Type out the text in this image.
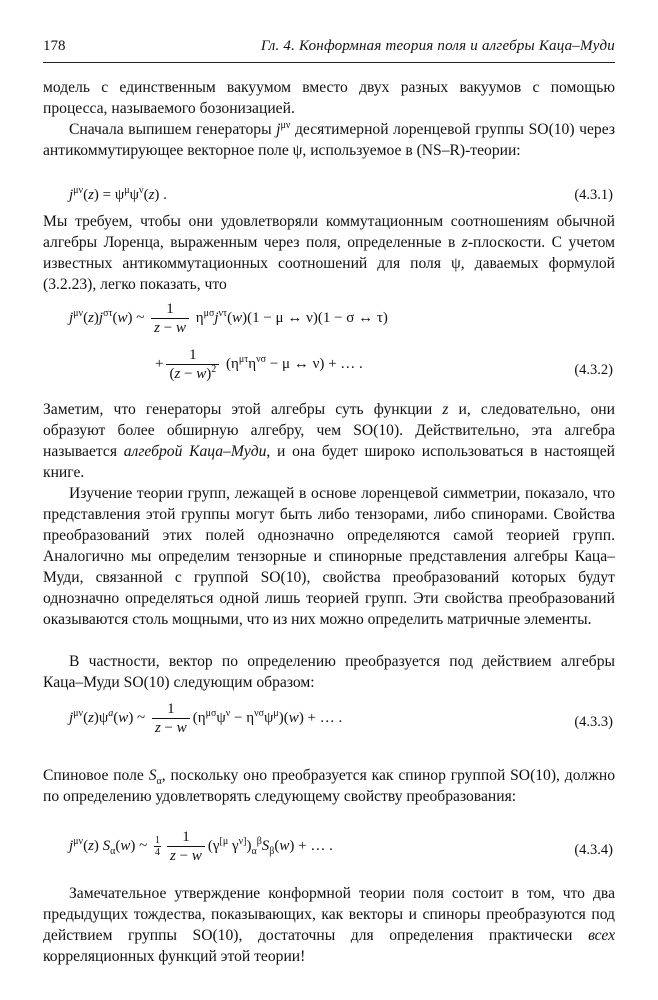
178	Гл. 4. Конформная теория поля и алгебры Каца–Муди

модель с единственным вакуумом вместо двух разных вакуумов с помощью процесса, называемого бозонизацией.

Сначала выпишем генераторы $j^{\mu\nu}$ десятимерной лоренцевой группы SO(10) через антикоммутирующее векторное поле ψ, используемое в (NS–R)-теории:

$j^{\mu\nu}(z) = \psi^\mu\psi^\nu(z)$ .	(4.3.1)

Мы требуем, чтобы они удовлетворяли коммутационным соотношениям обычной алгебры Лоренца, выраженным через поля, определенные в z-плоскости. С учетом известных антикоммутационных соотношений для поля ψ, даваемых формулой (3.2.23), легко показать, что

$j^{\mu\nu}(z)j^{\sigma\tau}(w)$ ~ $\frac{1}{z - w} \eta^{\mu\sigma}j^{\nu\tau}(w)(1 - \mu$ ↔ ν)(1 − σ ↔ τ)
+ $\frac{1}{(z - w)^2} (\eta^{\mu\tau}\eta^{\nu\sigma} - \mu$ ↔ ν) + … .	(4.3.2)

Заметим, что генераторы этой алгебры суть функции z и, следовательно, они образуют более обширную алгебру, чем SO(10). Действительно, эта алгебра называется алгеброй Каца–Муди, и она будет широко использоваться в настоящей книге.

Изучение теории групп, лежащей в основе лоренцевой симметрии, показало, что представления этой группы могут быть либо тензорами, либо спинорами. Свойства преобразований этих полей однозначно определяются самой теорией групп. Аналогично мы определим тензорные и спинорные представления алгебры Каца–Муди, связанной с группой SO(10), свойства преобразований которых будут однозначно определяться одной лишь теорией групп. Эти свойства преобразований оказываются столь мощными, что из них можно определить матричные элементы.

В частности, вектор по определению преобразуется под действием алгебры Каца–Муди SO(10) следующим образом:

$j^{\mu\nu}(z)\psi^a(w)$ ~ $\frac{1}{z - w} (\eta^{\mu\sigma}\psi^\nu - \eta^{\nu\sigma}\psi^\mu)(w)$ + … .	(4.3.3)

Спиновое поле $S_\alpha$, поскольку оно преобразуется как спинор группой SO(10), должно по определению удовлетворять следующему свойству преобразования:

$j^{\mu\nu}(z)$ $S_\alpha(w)$ ~ $\frac{1}{4} \frac{1}{z - w} (\gamma^{[\mu}$ $\gamma^{\nu]})_\alpha^\beta S_\beta(w)$ + … .	(4.3.4)

Замечательное утверждение конформной теории поля состоит в том, что два предыдущих тождества, показывающих, как векторы и спиноры преобразуются под действием группы SO(10), достаточны для определения практически всех корреляционных функций этой теории!
